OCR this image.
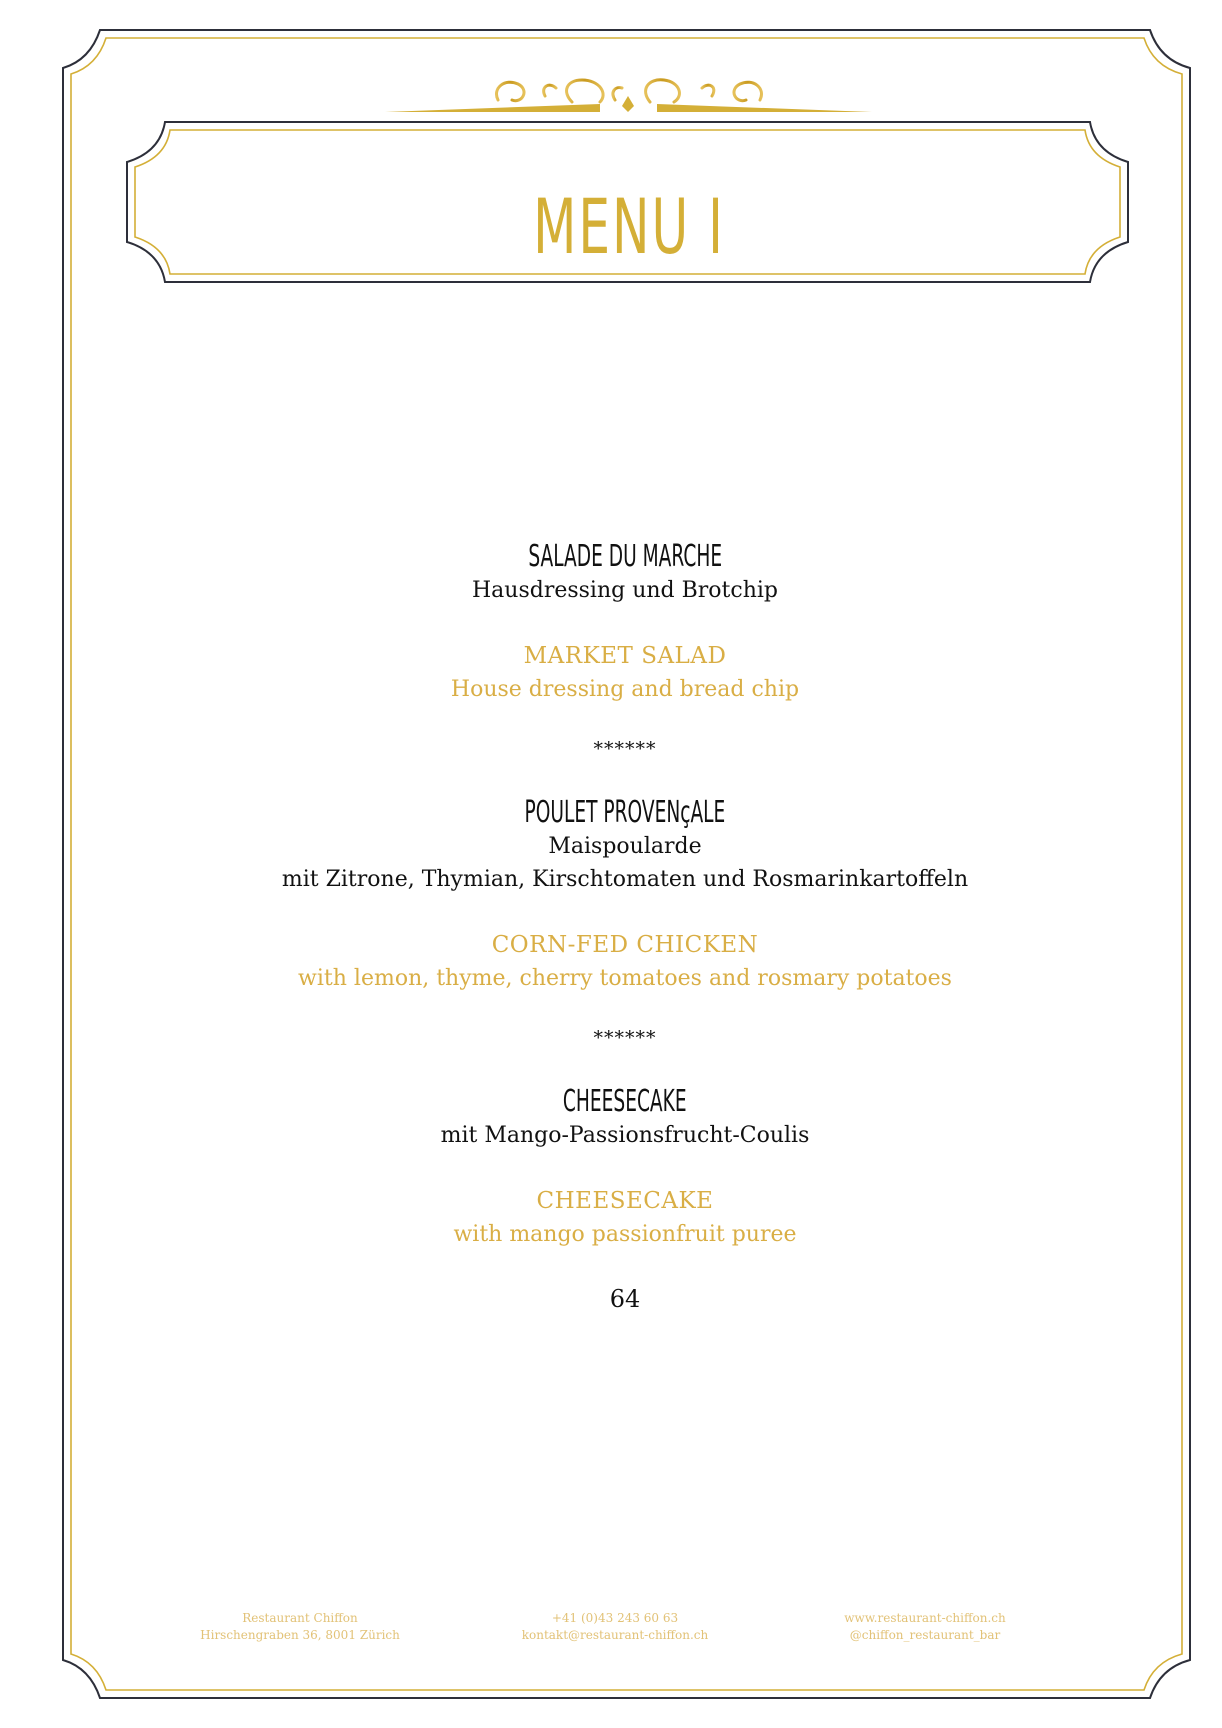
MENU I
SALADE DU MARCHE
Hausdressing und Brotchip
MARKET SALAD
House dressing and bread chip
******
POULET PROVENçALE
Maispoularde
mit Zitrone, Thymian, Kirschtomaten und Rosmarinkartoffeln
CORN-FED CHICKEN
with lemon, thyme, cherry tomatoes and rosmary potatoes
******
CHEESECAKE
mit Mango-Passionsfrucht-Coulis
CHEESECAKE
with mango passionfruit puree
64
Restaurant Chiffon
Hirschengraben 36, 8001 Zürich
+41 (0)43 243 60 63
kontakt@restaurant-chiffon.ch
www.restaurant-chiffon.ch
@chiffon_restaurant_bar
